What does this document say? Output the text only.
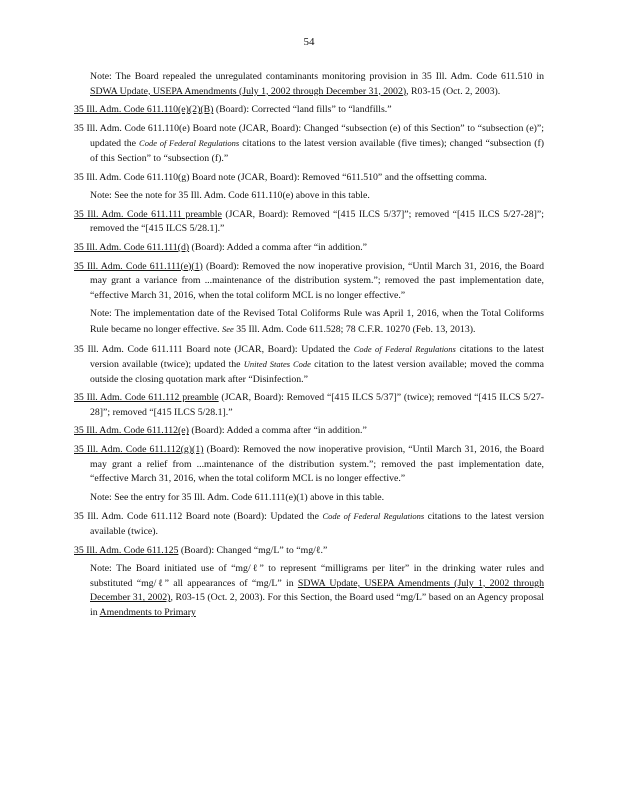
54

Note: The Board repealed the unregulated contaminants monitoring provision in 35 Ill. Adm. Code 611.510 in SDWA Update, USEPA Amendments (July 1, 2002 through December 31, 2002), R03-15 (Oct. 2, 2003).

35 Ill. Adm. Code 611.110(e)(2)(B) (Board): Corrected “land fills” to “landfills.”

35 Ill. Adm. Code 611.110(e) Board note (JCAR, Board): Changed “subsection (e) of this Section” to “subsection (e)”; updated the Code of Federal Regulations citations to the latest version available (five times); changed “subsection (f) of this Section” to “subsection (f).”

35 Ill. Adm. Code 611.110(g) Board note (JCAR, Board): Removed “611.510” and the offsetting comma.

Note: See the note for 35 Ill. Adm. Code 611.110(e) above in this table.

35 Ill. Adm. Code 611.111 preamble (JCAR, Board): Removed “[415 ILCS 5/37]”; removed “[415 ILCS 5/27-28]”; removed the “[415 ILCS 5/28.1].”

35 Ill. Adm. Code 611.111(d) (Board): Added a comma after “in addition.”

35 Ill. Adm. Code 611.111(e)(1) (Board): Removed the now inoperative provision, “Until March 31, 2016, the Board may grant a variance from ...maintenance of the distribution system.”; removed the past implementation date, “effective March 31, 2016, when the total coliform MCL is no longer effective.”

Note: The implementation date of the Revised Total Coliforms Rule was April 1, 2016, when the Total Coliforms Rule became no longer effective. See 35 Ill. Adm. Code 611.528; 78 C.F.R. 10270 (Feb. 13, 2013).

35 Ill. Adm. Code 611.111 Board note (JCAR, Board): Updated the Code of Federal Regulations citations to the latest version available (twice); updated the United States Code citation to the latest version available; moved the comma outside the closing quotation mark after “Disinfection.”

35 Ill. Adm. Code 611.112 preamble (JCAR, Board): Removed “[415 ILCS 5/37]” (twice); removed “[415 ILCS 5/27-28]”; removed “[415 ILCS 5/28.1].”

35 Ill. Adm. Code 611.112(e) (Board): Added a comma after “in addition.”

35 Ill. Adm. Code 611.112(g)(1) (Board): Removed the now inoperative provision, “Until March 31, 2016, the Board may grant a relief from ...maintenance of the distribution system.”; removed the past implementation date, “effective March 31, 2016, when the total coliform MCL is no longer effective.”

Note: See the entry for 35 Ill. Adm. Code 611.111(e)(1) above in this table.

35 Ill. Adm. Code 611.112 Board note (Board): Updated the Code of Federal Regulations citations to the latest version available (twice).

35 Ill. Adm. Code 611.125 (Board): Changed “mg/L” to “mg/ℓ.”

Note: The Board initiated use of “mg/ℓ” to represent “milligrams per liter” in the drinking water rules and substituted “mg/ℓ” all appearances of “mg/L” in SDWA Update, USEPA Amendments (July 1, 2002 through December 31, 2002), R03-15 (Oct. 2, 2003). For this Section, the Board used “mg/L” based on an Agency proposal in Amendments to Primary
